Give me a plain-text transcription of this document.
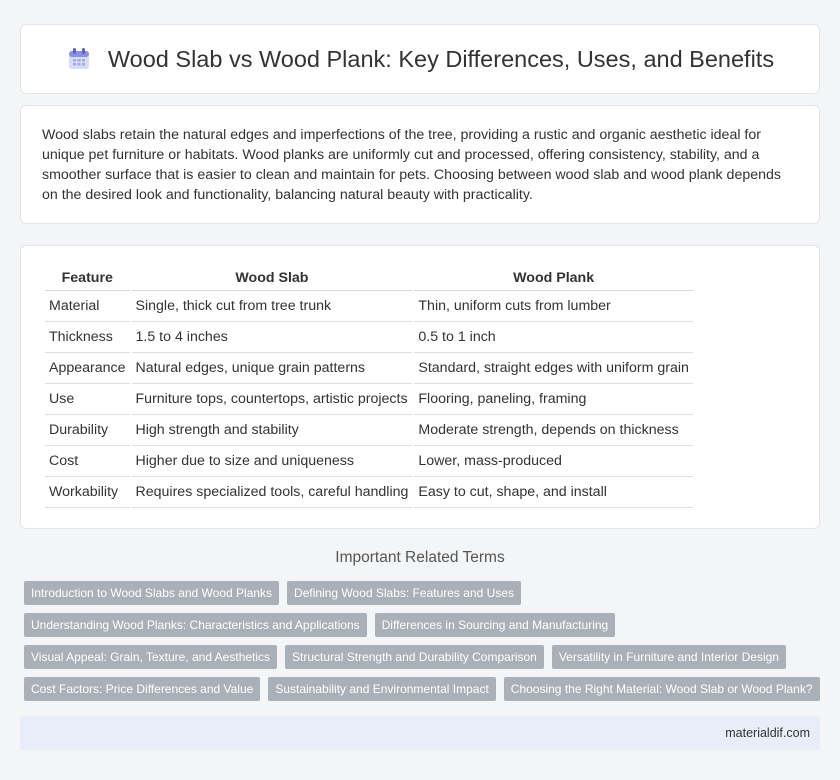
Wood Slab vs Wood Plank: Key Differences, Uses, and Benefits

Wood slabs retain the natural edges and imperfections of the tree, providing a rustic and organic aesthetic ideal for unique pet furniture or habitats. Wood planks are uniformly cut and processed, offering consistency, stability, and a smoother surface that is easier to clean and maintain for pets. Choosing between wood slab and wood plank depends on the desired look and functionality, balancing natural beauty with practicality.

Feature	Wood Slab	Wood Plank
Material	Single, thick cut from tree trunk	Thin, uniform cuts from lumber
Thickness	1.5 to 4 inches	0.5 to 1 inch
Appearance	Natural edges, unique grain patterns	Standard, straight edges with uniform grain
Use	Furniture tops, countertops, artistic projects	Flooring, paneling, framing
Durability	High strength and stability	Moderate strength, depends on thickness
Cost	Higher due to size and uniqueness	Lower, mass-produced
Workability	Requires specialized tools, careful handling	Easy to cut, shape, and install
Important Related Terms
Introduction to Wood Slabs and Wood Planks	Defining Wood Slabs: Features and Uses
Understanding Wood Planks: Characteristics and Applications	Differences in Sourcing and Manufacturing
Visual Appeal: Grain, Texture, and Aesthetics	Structural Strength and Durability Comparison	Versatility in Furniture and Interior Design
Cost Factors: Price Differences and Value	Sustainability and Environmental Impact	Choosing the Right Material: Wood Slab or Wood Plank?
materialdif.com
